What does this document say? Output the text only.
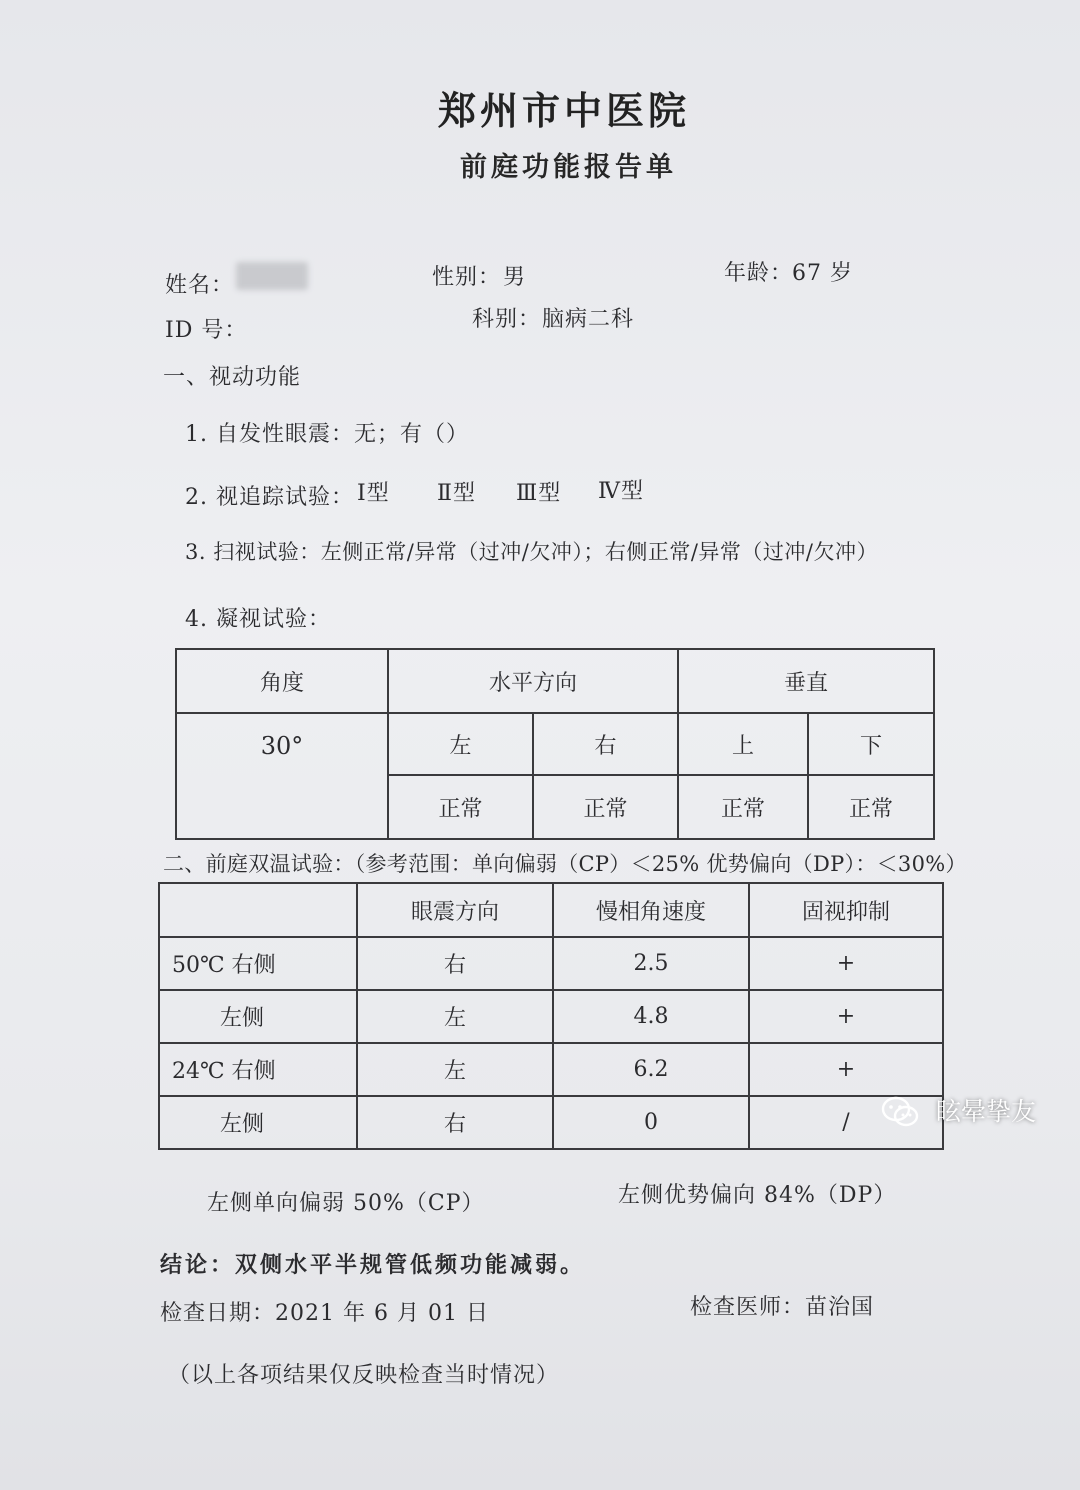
郑州市中医院
前庭功能报告单
姓名：	性别： 男	年龄：
67 岁
ID 号：	科别： 脑病二科
一、视动功能
1. 自发性眼震：无；有（）
2. 视追踪试验： Ⅰ型 Ⅱ型 Ⅲ型 Ⅳ型
3. 扫视试验：左侧正常/异常（过冲/欠冲）；右侧正常/异常（过冲/欠冲）
4. 凝视试验：
角度	水平方向		垂直	
30°	左	右	上	下
	正常	正常	正常	正常
二、前庭双温试验：（参考范围：单向偏弱（CP）＜25% 优势偏向（DP）：＜30%）
	眼震方向	慢相角速度	固视抑制
50℃ 右侧	右	2.5	+
左侧	左	4.8	+
24℃ 右侧	左	6.2	+
左侧	右	0	/
左侧单向偏弱 50%（CP）	左侧优势偏向 84%（DP）
结论：双侧水平半规管低频功能减弱。
检查日期：2021 年 6 月 01 日	检查医师：苗治国
（以上各项结果仅反映检查当时情况）
眩晕挚友
